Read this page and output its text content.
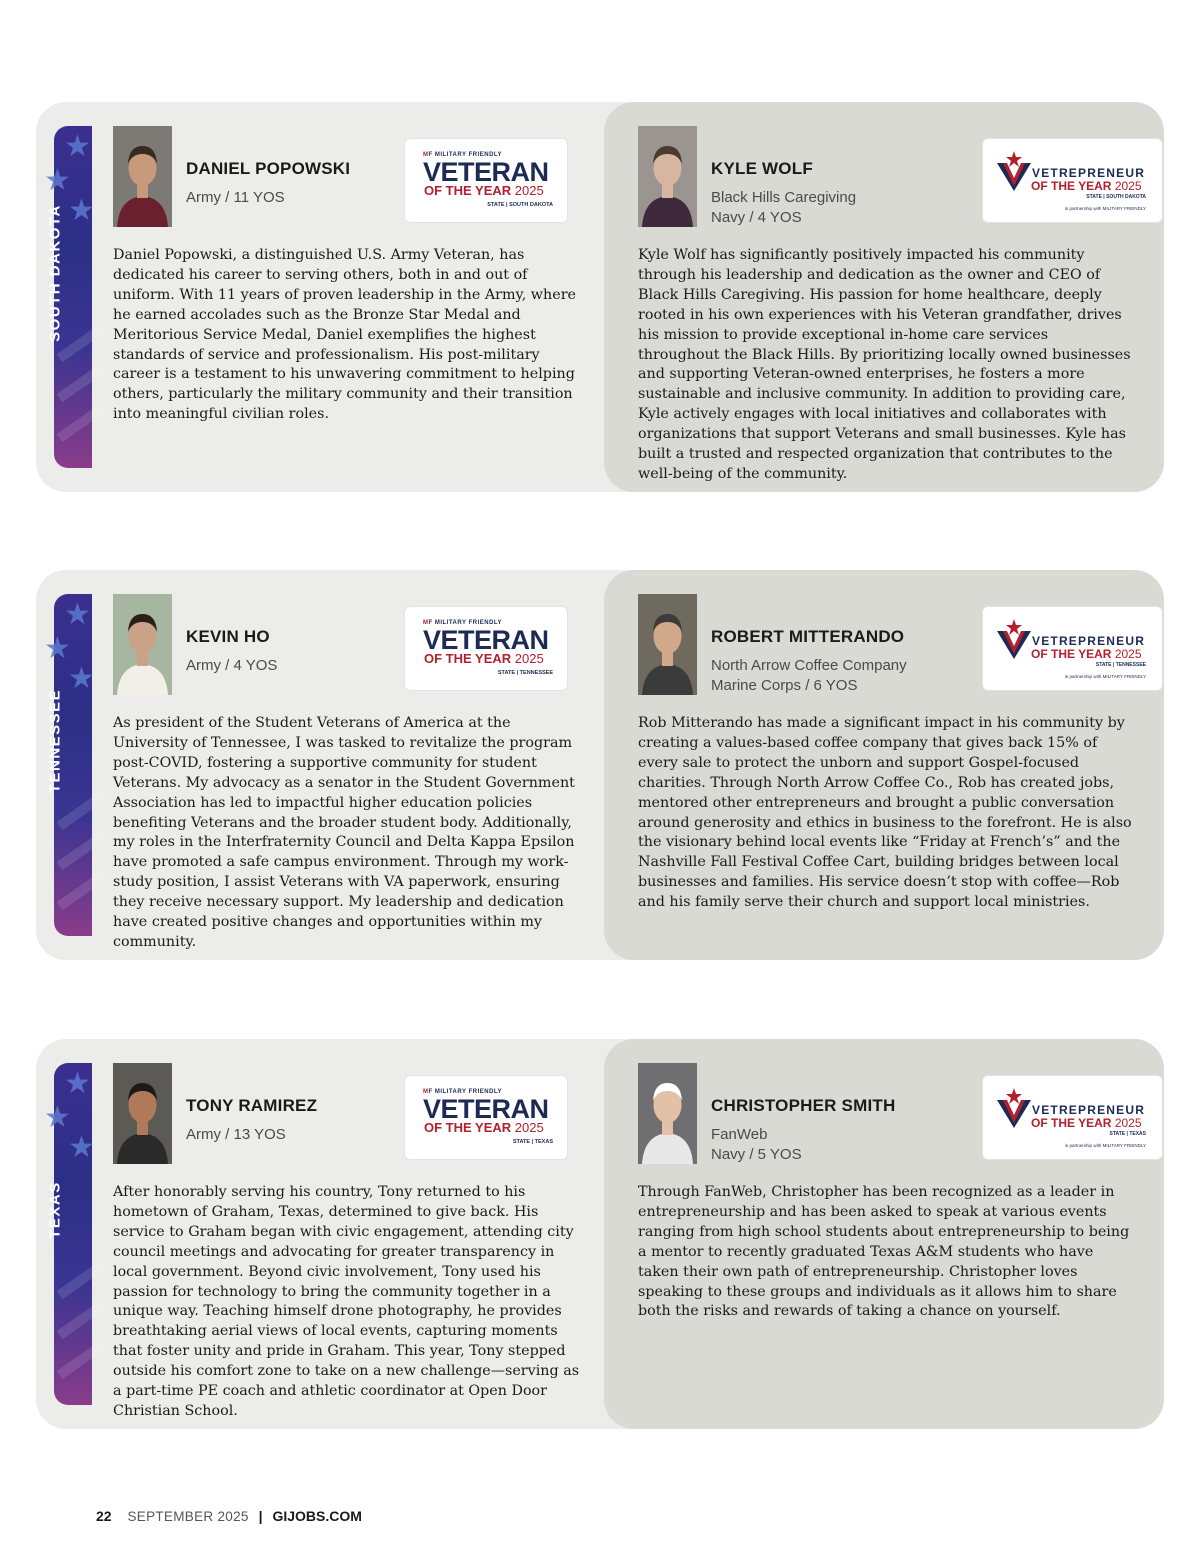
★
★
★
SOUTH DAKOTA
DANIEL POPOWSKI
Army / 11 YOS
MF MILITARY FRIENDLY
VETERAN
OF THE YEAR 2025
STATE | SOUTH DAKOTA

Daniel Popowski, a distinguished U.S. Army Veteran, has dedicated his career to serving others, both in and out of uniform. With 11 years of proven leadership in the Army, where he earned accolades such as the Bronze Star Medal and Meritorious Service Medal, Daniel exemplifies the highest standards of service and professionalism. His post-military career is a testament to his unwavering commitment to helping others, particularly the military community and their transition into meaningful civilian roles.

KYLE WOLF
Black Hills Caregiving
Navy / 4 YOS
VETREPRENEUR
OF THE YEAR 2025
STATE | SOUTH DAKOTA
in partnership with MILITARY FRIENDLY

Kyle Wolf has significantly positively impacted his community through his leadership and dedication as the owner and CEO of Black Hills Caregiving. His passion for home healthcare, deeply rooted in his own experiences with his Veteran grandfather, drives his mission to provide exceptional in-home care services throughout the Black Hills. By prioritizing locally owned businesses and supporting Veteran-owned enterprises, he fosters a more sustainable and inclusive community. In addition to providing care, Kyle actively engages with local initiatives and collaborates with organizations that support Veterans and small businesses. Kyle has built a trusted and respected organization that contributes to the well-being of the community.

★
★
★
TENNESSEE
KEVIN HO
Army / 4 YOS
MF MILITARY FRIENDLY
VETERAN
OF THE YEAR 2025
STATE | TENNESSEE

As president of the Student Veterans of America at the University of Tennessee, I was tasked to revitalize the program post-COVID, fostering a supportive community for student Veterans. My advocacy as a senator in the Student Government Association has led to impactful higher education policies benefiting Veterans and the broader student body. Additionally, my roles in the Interfraternity Council and Delta Kappa Epsilon have promoted a safe campus environment. Through my work-study position, I assist Veterans with VA paperwork, ensuring they receive necessary support. My leadership and dedication have created positive changes and opportunities within my community.

ROBERT MITTERANDO
North Arrow Coffee Company
Marine Corps / 6 YOS
VETREPRENEUR
OF THE YEAR 2025
STATE | TENNESSEE
in partnership with MILITARY FRIENDLY

Rob Mitterando has made a significant impact in his community by creating a values-based coffee company that gives back 15% of every sale to protect the unborn and support Gospel-focused charities. Through North Arrow Coffee Co., Rob has created jobs, mentored other entrepreneurs and brought a public conversation around generosity and ethics in business to the forefront. He is also the visionary behind local events like “Friday at French’s” and the Nashville Fall Festival Coffee Cart, building bridges between local businesses and families. His service doesn’t stop with coffee—Rob and his family serve their church and support local ministries.

★
★
★
TEXAS
TONY RAMIREZ
Army / 13 YOS
MF MILITARY FRIENDLY
VETERAN
OF THE YEAR 2025
STATE | TEXAS

After honorably serving his country, Tony returned to his hometown of Graham, Texas, determined to give back. His service to Graham began with civic engagement, attending city council meetings and advocating for greater transparency in local government. Beyond civic involvement, Tony used his passion for technology to bring the community together in a unique way. Teaching himself drone photography, he provides breathtaking aerial views of local events, capturing moments that foster unity and pride in Graham. This year, Tony stepped outside his comfort zone to take on a new challenge—serving as a part-time PE coach and athletic coordinator at Open Door Christian School.

CHRISTOPHER SMITH
FanWeb
Navy / 5 YOS
VETREPRENEUR
OF THE YEAR 2025
STATE | TEXAS
in partnership with MILITARY FRIENDLY

Through FanWeb, Christopher has been recognized as a leader in entrepreneurship and has been asked to speak at various events ranging from high school students about entrepreneurship to being a mentor to recently graduated Texas A&M students who have taken their own path of entrepreneurship. Christopher loves speaking to these groups and individuals as it allows him to share both the risks and rewards of taking a chance on yourself.

22 SEPTEMBER 2025 | GIJOBS.COM
